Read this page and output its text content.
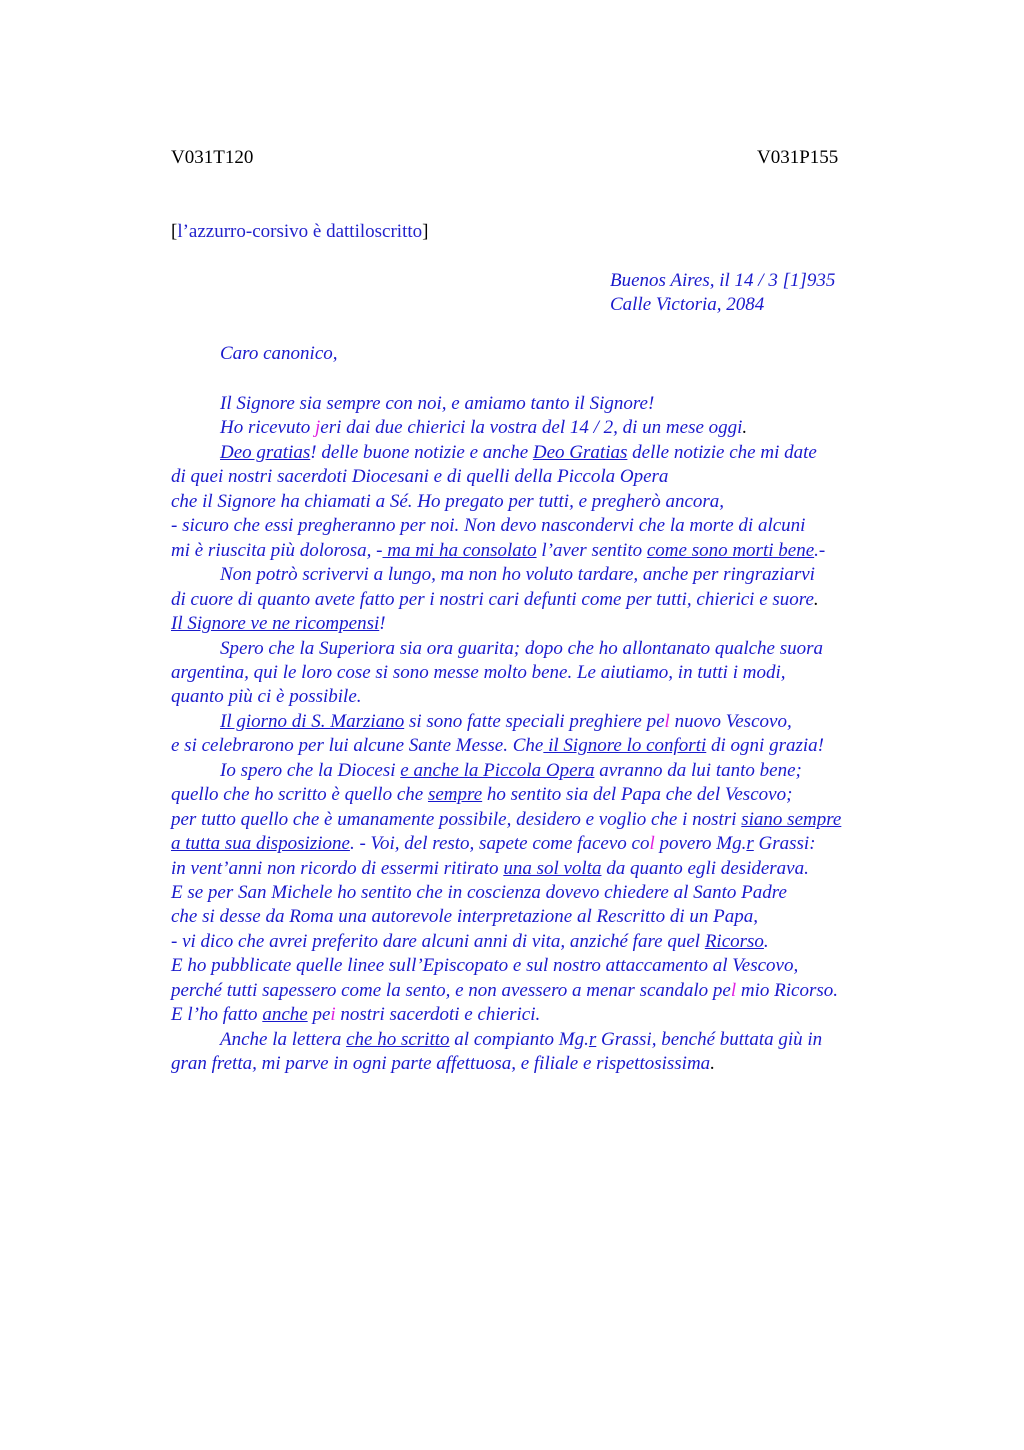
V031T120	V031P155
[l’azzurro-corsivo è dattiloscritto]
Buenos Aires, il 14 / 3 [1]935
Calle Victoria, 2084
Caro canonico,
Il Signore sia sempre con noi, e amiamo tanto il Signore!
Ho ricevuto jeri dai due chierici la vostra del 14 / 2, di un mese oggi.
Deo gratias! delle buone notizie e anche Deo Gratias delle notizie che mi date
di quei nostri sacerdoti Diocesani e di quelli della Piccola Opera
che il Signore ha chiamati a Sé. Ho pregato per tutti, e pregherò ancora,
- sicuro che essi pregheranno per noi. Non devo nascondervi che la morte di alcuni
mi è riuscita più dolorosa, - ma mi ha consolato l’aver sentito come sono morti bene.-
Non potrò scrivervi a lungo, ma non ho voluto tardare, anche per ringraziarvi
di cuore di quanto avete fatto per i nostri cari defunti come per tutti, chierici e suore.
Il Signore ve ne ricompensi!
Spero che la Superiora sia ora guarita; dopo che ho allontanato qualche suora
argentina, qui le loro cose si sono messe molto bene. Le aiutiamo, in tutti i modi,
quanto più ci è possibile.
Il giorno di S. Marziano si sono fatte speciali preghiere pel nuovo Vescovo,
e si celebrarono per lui alcune Sante Messe. Che il Signore lo conforti di ogni grazia!
Io spero che la Diocesi e anche la Piccola Opera avranno da lui tanto bene;
quello che ho scritto è quello che sempre ho sentito sia del Papa che del Vescovo;
per tutto quello che è umanamente possibile, desidero e voglio che i nostri siano sempre
a tutta sua disposizione. - Voi, del resto, sapete come facevo col povero Mg.r Grassi:
in vent’anni non ricordo di essermi ritirato una sol volta da quanto egli desiderava.
E se per San Michele ho sentito che in coscienza dovevo chiedere al Santo Padre
che si desse da Roma una autorevole interpretazione al Rescritto di un Papa,
- vi dico che avrei preferito dare alcuni anni di vita, anziché fare quel Ricorso.
E ho pubblicate quelle linee sull’Episcopato e sul nostro attaccamento al Vescovo,
perché tutti sapessero come la sento, e non avessero a menar scandalo pel mio Ricorso.
E l’ho fatto anche pei nostri sacerdoti e chierici.
Anche la lettera che ho scritto al compianto Mg.r Grassi, benché buttata giù in
gran fretta, mi parve in ogni parte affettuosa, e filiale e rispettosissima.
